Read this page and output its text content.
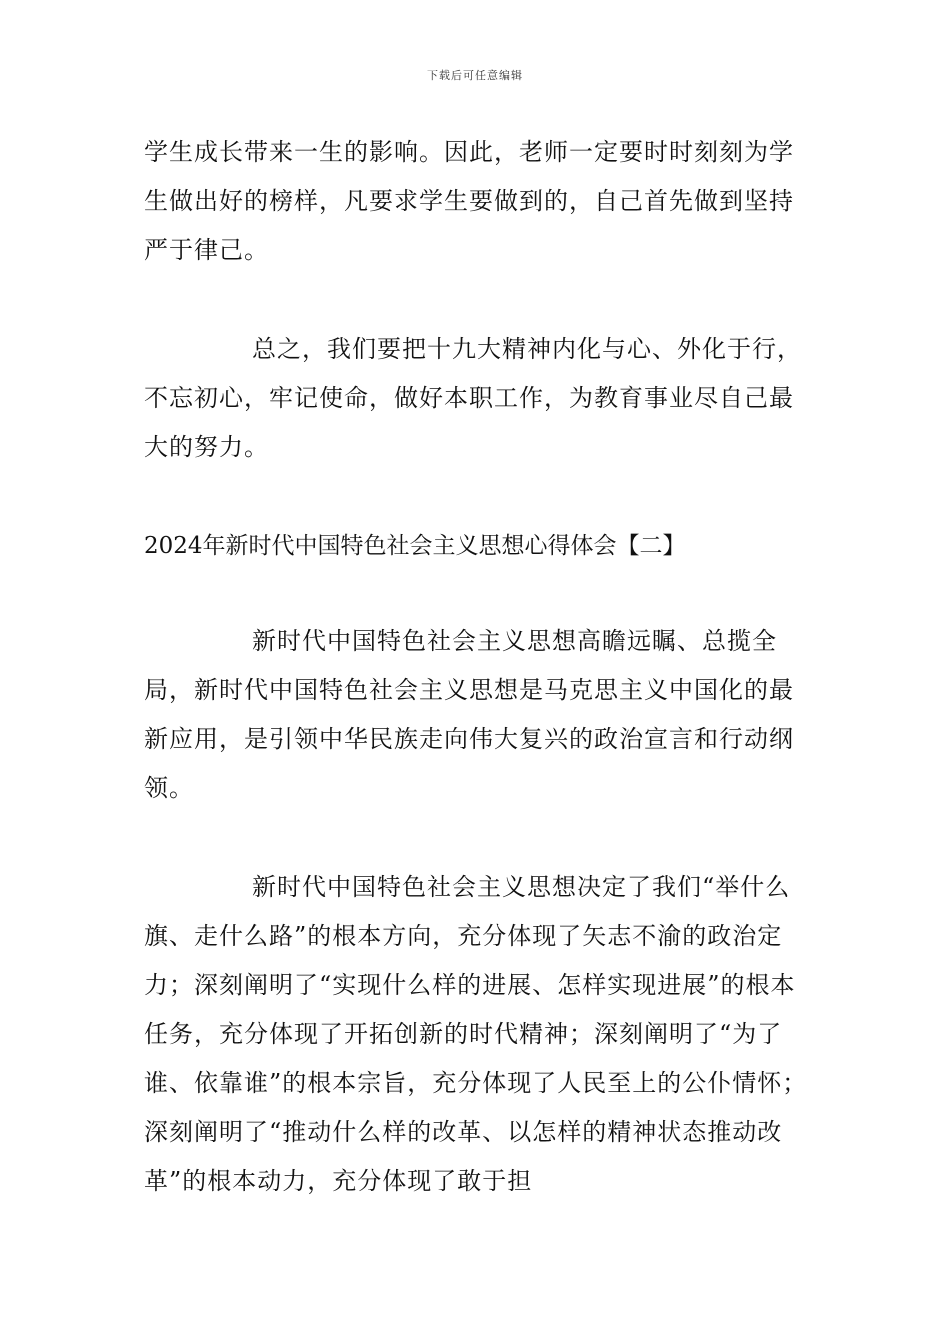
下载后可任意编辑

学生成长带来一生的影响。因此，老师一定要时时刻刻为学生做出好的榜样，凡要求学生要做到的，自己首先做到坚持严于律己。

总之，我们要把十九大精神内化与心、外化于行，不忘初心，牢记使命，做好本职工作，为教育事业尽自己最大的努力。

2024年新时代中国特色社会主义思想心得体会【二】

新时代中国特色社会主义思想高瞻远瞩、总揽全局，新时代中国特色社会主义思想是马克思主义中国化的最新应用，是引领中华民族走向伟大复兴的政治宣言和行动纲领。

新时代中国特色社会主义思想决定了我们“举什么旗、走什么路”的根本方向，充分体现了矢志不渝的政治定力；深刻阐明了“实现什么样的进展、怎样实现进展”的根本任务，充分体现了开拓创新的时代精神；深刻阐明了“为了谁、依靠谁”的根本宗旨，充分体现了人民至上的公仆情怀；深刻阐明了“推动什么样的改革、以怎样的精神状态推动改革”的根本动力，充分体现了敢于担
